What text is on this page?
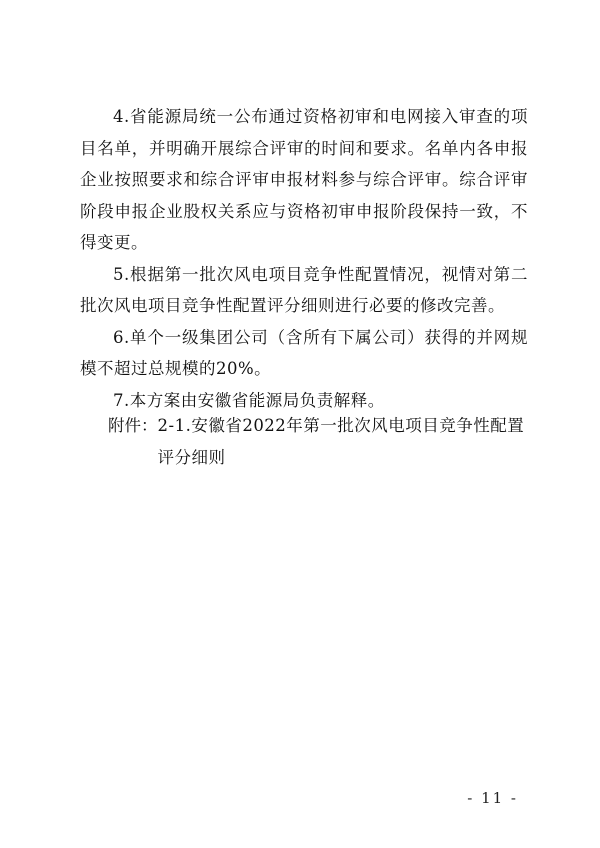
4.省能源局统一公布通过资格初审和电网接入审查的项目名单，并明确开展综合评审的时间和要求。名单内各申报企业按照要求和综合评审申报材料参与综合评审。综合评审阶段申报企业股权关系应与资格初审申报阶段保持一致，不得变更。

5.根据第一批次风电项目竞争性配置情况，视情对第二批次风电项目竞争性配置评分细则进行必要的修改完善。

6.单个一级集团公司（含所有下属公司）获得的并网规模不超过总规模的20%。

7.本方案由安徽省能源局负责解释。

附件： 2-1.安徽省2022年第一批次风电项目竞争性配置评分细则
- 11 -
